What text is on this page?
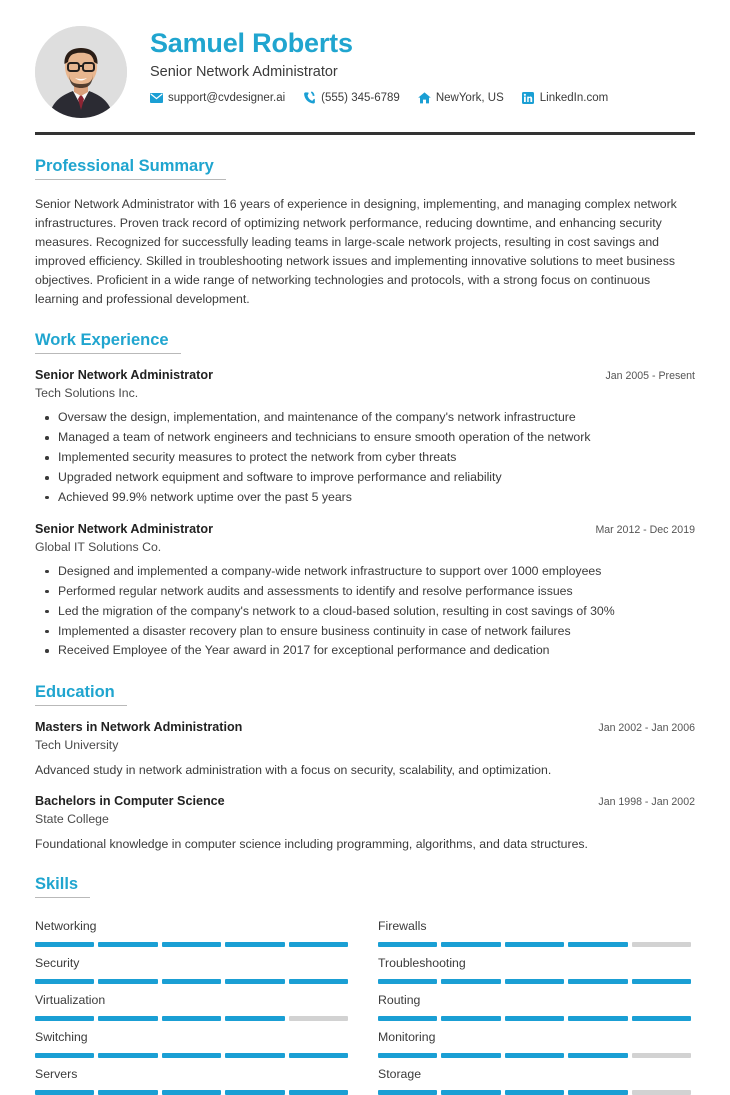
Samuel Roberts
Senior Network Administrator
support@cvdesigner.ai	(555) 345-6789	NewYork, US	LinkedIn.com
Professional Summary

Senior Network Administrator with 16 years of experience in designing, implementing, and managing complex network infrastructures. Proven track record of optimizing network performance, reducing downtime, and enhancing security measures. Recognized for successfully leading teams in large-scale network projects, resulting in cost savings and improved efficiency. Skilled in troubleshooting network issues and implementing innovative solutions to meet business objectives. Proficient in a wide range of networking technologies and protocols, with a strong focus on continuous learning and professional development.

Work Experience
Senior Network Administrator	Jan 2005 - Present
Tech Solutions Inc.
Oversaw the design, implementation, and maintenance of the company's network infrastructure
Managed a team of network engineers and technicians to ensure smooth operation of the network
Implemented security measures to protect the network from cyber threats
Upgraded network equipment and software to improve performance and reliability
Achieved 99.9% network uptime over the past 5 years
Senior Network Administrator	Mar 2012 - Dec 2019
Global IT Solutions Co.
Designed and implemented a company-wide network infrastructure to support over 1000 employees
Performed regular network audits and assessments to identify and resolve performance issues
Led the migration of the company's network to a cloud-based solution, resulting in cost savings of 30%
Implemented a disaster recovery plan to ensure business continuity in case of network failures
Received Employee of the Year award in 2017 for exceptional performance and dedication
Education
Masters in Network Administration	Jan 2002 - Jan 2006
Tech University
Advanced study in network administration with a focus on security, scalability, and optimization.
Bachelors in Computer Science	Jan 1998 - Jan 2002
State College
Foundational knowledge in computer science including programming, algorithms, and data structures.
Skills
Networking	Firewalls
Security	Troubleshooting
Virtualization	Routing
Switching	Monitoring
Servers	Storage
